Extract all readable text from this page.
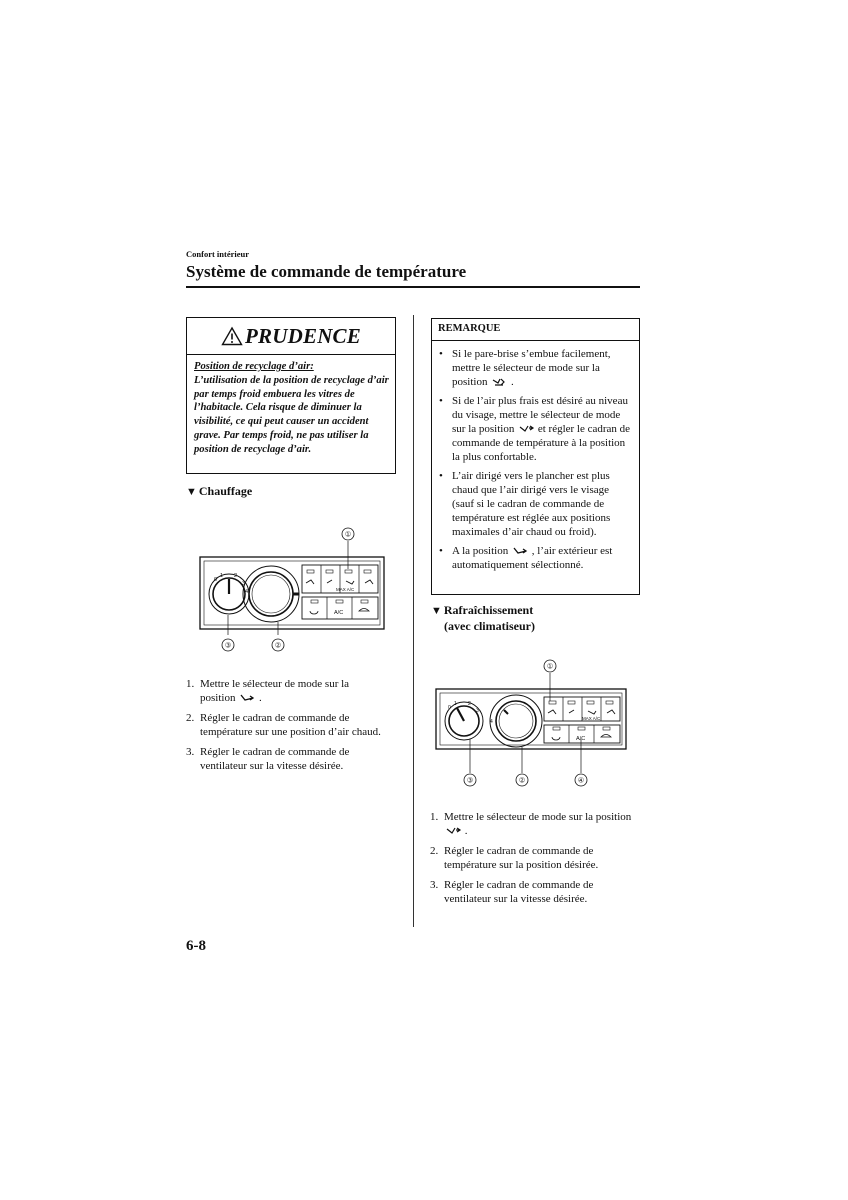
Confort intérieur
Système de commande de température
PRUDENCE
Position de recyclage d’air:
L’utilisation de la position de recyclage d’air par temps froid embuera les vitres de l’habitacle. Cela risque de diminuer la visibilité, ce qui peut causer un accident grave. Par temps froid, ne pas utiliser la position de recyclage d’air.
▼ Chauffage
0
1 2
3
4	MAX A/C
A/C
①
②
③
1. Mettre le sélecteur de mode sur la position .
2. Régler le cadran de commande de température sur une position d’air chaud.
3. Régler le cadran de commande de ventilateur sur la vitesse désirée.
REMARQUE
• Si le pare-brise s’embue facilement, mettre le sélecteur de mode sur la position .
• Si de l’air plus frais est désiré au niveau du visage, mettre le sélecteur de mode sur la position et régler le cadran de commande de température à la position la plus confortable.
• L’air dirigé vers le plancher est plus chaud que l’air dirigé vers le visage (sauf si le cadran de commande de température est réglée aux positions maximales d’air chaud ou froid).
• A la position , l’air extérieur est automatiquement sélectionné.
▼ Rafraîchissement
(avec climatiseur)
0
1 2
3
4
MAX A/C
A/C
①
②
③	④
1. Mettre le sélecteur de mode sur la position  .
2. Régler le cadran de commande de température sur la position désirée.
3. Régler le cadran de commande de ventilateur sur la vitesse désirée.
6-8
